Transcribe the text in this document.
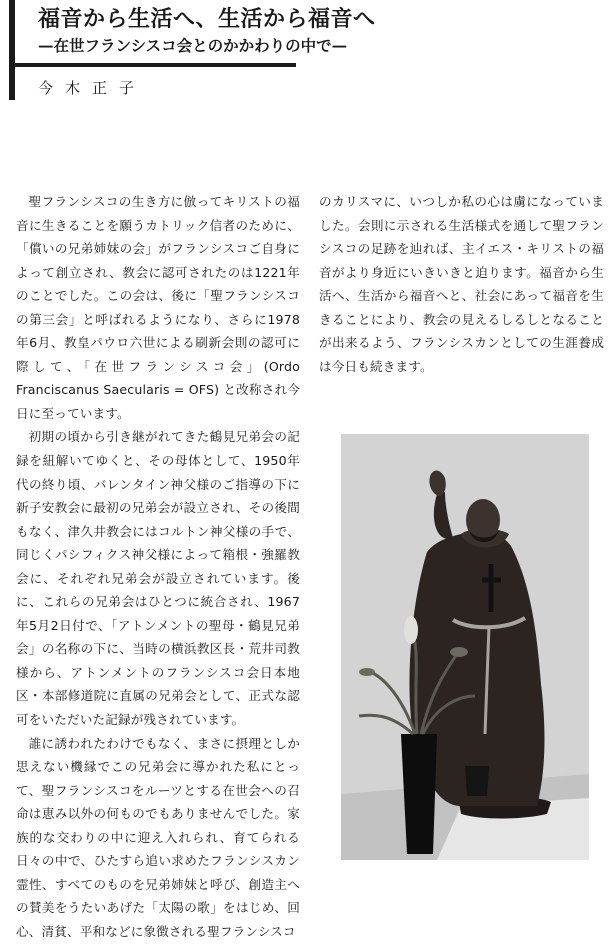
福音から生活へ、生活から福音へ
—在世フランシスコ会とのかかわりの中で—
今木正子

聖フランシスコの生き方に倣ってキリストの福音に生きることを願うカトリック信者のために、「償いの兄弟姉妹の会」がフランシスコご自身によって創立され、教会に認可されたのは1221年のことでした。この会は、後に「聖フランシスコの第三会」と呼ばれるようになり、さらに1978年6月、教皇パウロ六世による刷新会則の認可に際して、「在世フランシスコ会」(Ordo Franciscanus Saecularis = OFS) と改称され今日に至っています。

初期の頃から引き継がれてきた鶴見兄弟会の記録を紐解いてゆくと、その母体として、1950年代の終り頃、バレンタイン神父様のご指導の下に新子安教会に最初の兄弟会が設立され、その後間もなく、津久井教会にはコルトン神父様の手で、同じくパシフィクス神父様によって箱根・強羅教会に、それぞれ兄弟会が設立されています。後に、これらの兄弟会はひとつに統合され、1967年5月2日付で、「アトンメントの聖母・鶴見兄弟会」の名称の下に、当時の横浜教区長・荒井司教様から、アトンメントのフランシスコ会日本地区・本部修道院に直属の兄弟会として、正式な認可をいただいた記録が残されています。

誰に誘われたわけでもなく、まさに摂理としか思えない機縁でこの兄弟会に導かれた私にとって、聖フランシスコをルーツとする在世会への召命は恵み以外の何ものでもありませんでした。家族的な交わりの中に迎え入れられ、育てられる日々の中で、ひたすら追い求めたフランシスカン霊性、すべてのものを兄弟姉妹と呼び、創造主への賛美をうたいあげた「太陽の歌」をはじめ、回心、清貧、平和などに象徴される聖フランシスコ

のカリスマに、いつしか私の心は虜になっていました。会則に示される生活様式を通して聖フランシスコの足跡を辿れば、主イエス・キリストの福音がより身近にいきいきと迫ります。福音から生活へ、生活から福音へと、社会にあって福音を生きることにより、教会の見えるしるしとなることが出来るよう、フランシスカンとしての生涯養成は今日も続きます。
